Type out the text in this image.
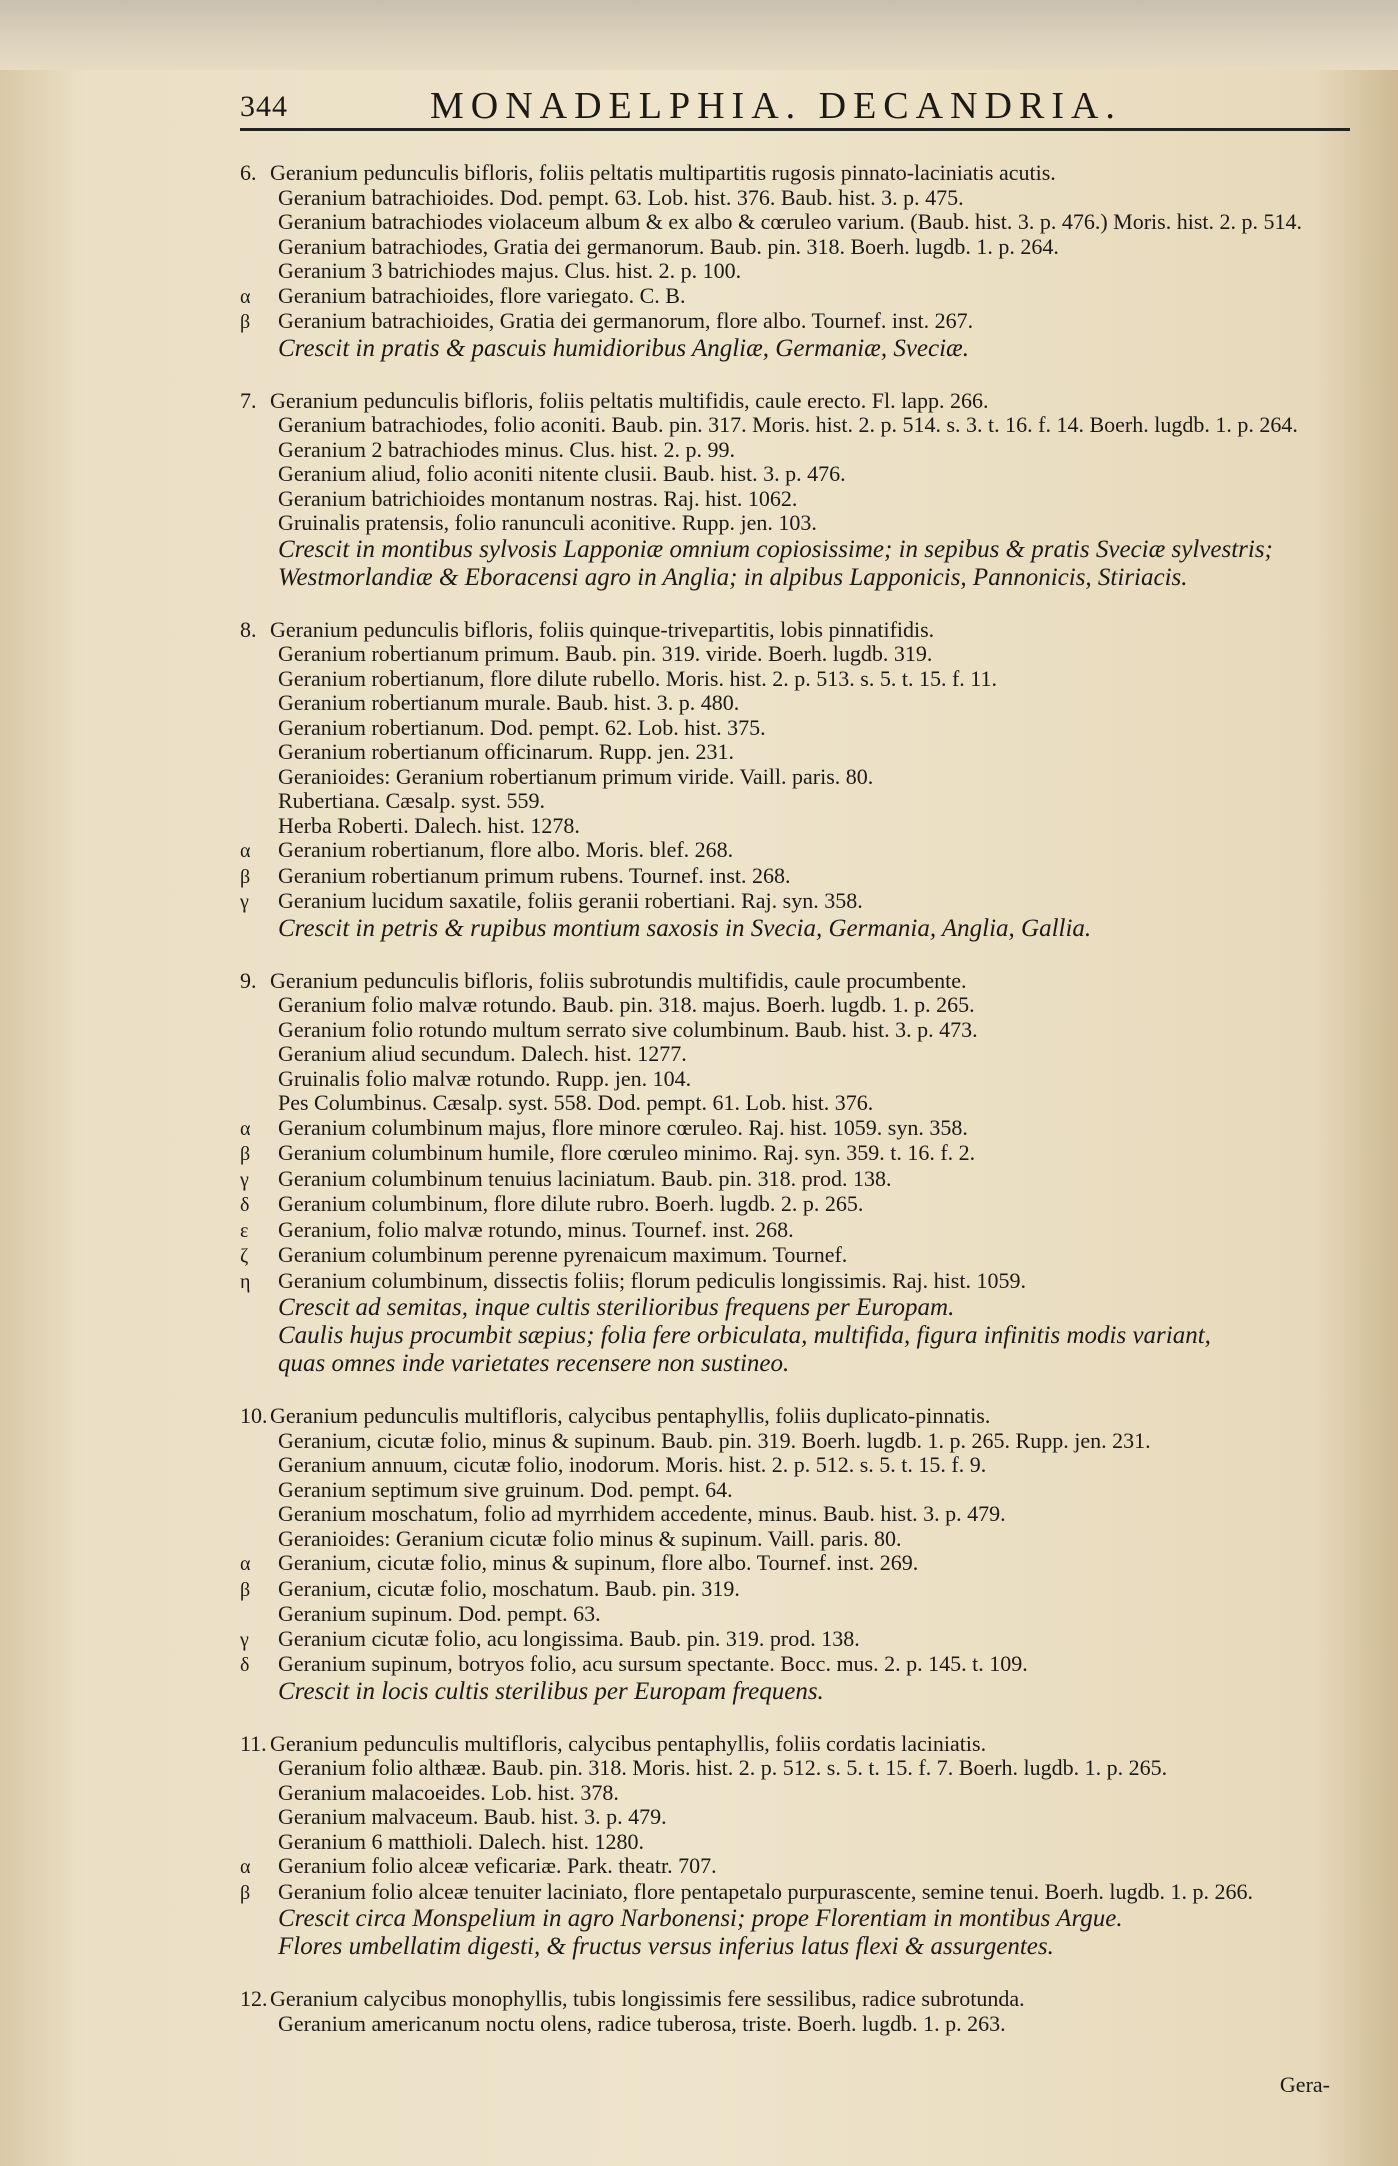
344	MONADELPHIA. DECANDRIA.
6. Geranium pedunculis bifloris, foliis peltatis multipartitis rugosis pinnato-laciniatis acutis.
Geranium batrachioides. Dod. pempt. 63. Lob. hist. 376. Baub. hist. 3. p. 475.
Geranium batrachiodes violaceum album & ex albo & cœruleo varium. (Baub. hist. 3. p. 476.) Moris. hist. 2. p. 514.
Geranium batrachiodes, Gratia dei germanorum. Baub. pin. 318. Boerh. lugdb. 1. p. 264.
Geranium 3 batrichiodes majus. Clus. hist. 2. p. 100.
α Geranium batrachioides, flore variegato. C. B.
β Geranium batrachioides, Gratia dei germanorum, flore albo. Tournef. inst. 267.
Crescit in pratis & pascuis humidioribus Angliæ, Germaniæ, Sveciæ.
7. Geranium pedunculis bifloris, foliis peltatis multifidis, caule erecto. Fl. lapp. 266.
Geranium batrachiodes, folio aconiti. Baub. pin. 317. Moris. hist. 2. p. 514. s. 3. t. 16. f. 14. Boerh. lugdb. 1. p. 264.
Geranium 2 batrachiodes minus. Clus. hist. 2. p. 99.
Geranium aliud, folio aconiti nitente clusii. Baub. hist. 3. p. 476.
Geranium batrichioides montanum nostras. Raj. hist. 1062.
Gruinalis pratensis, folio ranunculi aconitive. Rupp. jen. 103.
Crescit in montibus sylvosis Lapponiæ omnium copiosissime; in sepibus & pratis Sveciæ sylvestris;
Westmorlandiæ & Eboracensi agro in Anglia; in alpibus Lapponicis, Pannonicis, Stiriacis.
8. Geranium pedunculis bifloris, foliis quinque-trivepartitis, lobis pinnatifidis.
Geranium robertianum primum. Baub. pin. 319. viride. Boerh. lugdb. 319.
Geranium robertianum, flore dilute rubello. Moris. hist. 2. p. 513. s. 5. t. 15. f. 11.
Geranium robertianum murale. Baub. hist. 3. p. 480.
Geranium robertianum. Dod. pempt. 62. Lob. hist. 375.
Geranium robertianum officinarum. Rupp. jen. 231.
Geranioides: Geranium robertianum primum viride. Vaill. paris. 80.
Rubertiana. Cæsalp. syst. 559.
Herba Roberti. Dalech. hist. 1278.
α Geranium robertianum, flore albo. Moris. blef. 268.
β Geranium robertianum primum rubens. Tournef. inst. 268.
γ Geranium lucidum saxatile, foliis geranii robertiani. Raj. syn. 358.
Crescit in petris & rupibus montium saxosis in Svecia, Germania, Anglia, Gallia.
9. Geranium pedunculis bifloris, foliis subrotundis multifidis, caule procumbente.
Geranium folio malvæ rotundo. Baub. pin. 318. majus. Boerh. lugdb. 1. p. 265.
Geranium folio rotundo multum serrato sive columbinum. Baub. hist. 3. p. 473.
Geranium aliud secundum. Dalech. hist. 1277.
Gruinalis folio malvæ rotundo. Rupp. jen. 104.
Pes Columbinus. Cæsalp. syst. 558. Dod. pempt. 61. Lob. hist. 376.
α Geranium columbinum majus, flore minore cœruleo. Raj. hist. 1059. syn. 358.
β Geranium columbinum humile, flore cœruleo minimo. Raj. syn. 359. t. 16. f. 2.
γ Geranium columbinum tenuius laciniatum. Baub. pin. 318. prod. 138.
δ Geranium columbinum, flore dilute rubro. Boerh. lugdb. 2. p. 265.
ε Geranium, folio malvæ rotundo, minus. Tournef. inst. 268.
ζ Geranium columbinum perenne pyrenaicum maximum. Tournef.
η Geranium columbinum, dissectis foliis; florum pediculis longissimis. Raj. hist. 1059.
Crescit ad semitas, inque cultis sterilioribus frequens per Europam.
Caulis hujus procumbit sæpius; folia fere orbiculata, multifida, figura infinitis modis variant,
quas omnes inde varietates recensere non sustineo.
10. Geranium pedunculis multifloris, calycibus pentaphyllis, foliis duplicato-pinnatis.
Geranium, cicutæ folio, minus & supinum. Baub. pin. 319. Boerh. lugdb. 1. p. 265. Rupp. jen. 231.
Geranium annuum, cicutæ folio, inodorum. Moris. hist. 2. p. 512. s. 5. t. 15. f. 9.
Geranium septimum sive gruinum. Dod. pempt. 64.
Geranium moschatum, folio ad myrrhidem accedente, minus. Baub. hist. 3. p. 479.
Geranioides: Geranium cicutæ folio minus & supinum. Vaill. paris. 80.
α Geranium, cicutæ folio, minus & supinum, flore albo. Tournef. inst. 269.
β Geranium, cicutæ folio, moschatum. Baub. pin. 319.
Geranium supinum. Dod. pempt. 63.
γ Geranium cicutæ folio, acu longissima. Baub. pin. 319. prod. 138.
δ Geranium supinum, botryos folio, acu sursum spectante. Bocc. mus. 2. p. 145. t. 109.
Crescit in locis cultis sterilibus per Europam frequens.
11. Geranium pedunculis multifloris, calycibus pentaphyllis, foliis cordatis laciniatis.
Geranium folio althææ. Baub. pin. 318. Moris. hist. 2. p. 512. s. 5. t. 15. f. 7. Boerh. lugdb. 1. p. 265.
Geranium malacoeides. Lob. hist. 378.
Geranium malvaceum. Baub. hist. 3. p. 479.
Geranium 6 matthioli. Dalech. hist. 1280.
α Geranium folio alceæ veficariæ. Park. theatr. 707.
β Geranium folio alceæ tenuiter laciniato, flore pentapetalo purpurascente, semine tenui. Boerh. lugdb. 1. p. 266.
Crescit circa Monspelium in agro Narbonensi; prope Florentiam in montibus Argue.
Flores umbellatim digesti, & fructus versus inferius latus flexi & assurgentes.
12. Geranium calycibus monophyllis, tubis longissimis fere sessilibus, radice subrotunda.
Geranium americanum noctu olens, radice tuberosa, triste. Boerh. lugdb. 1. p. 263.
Gera-
